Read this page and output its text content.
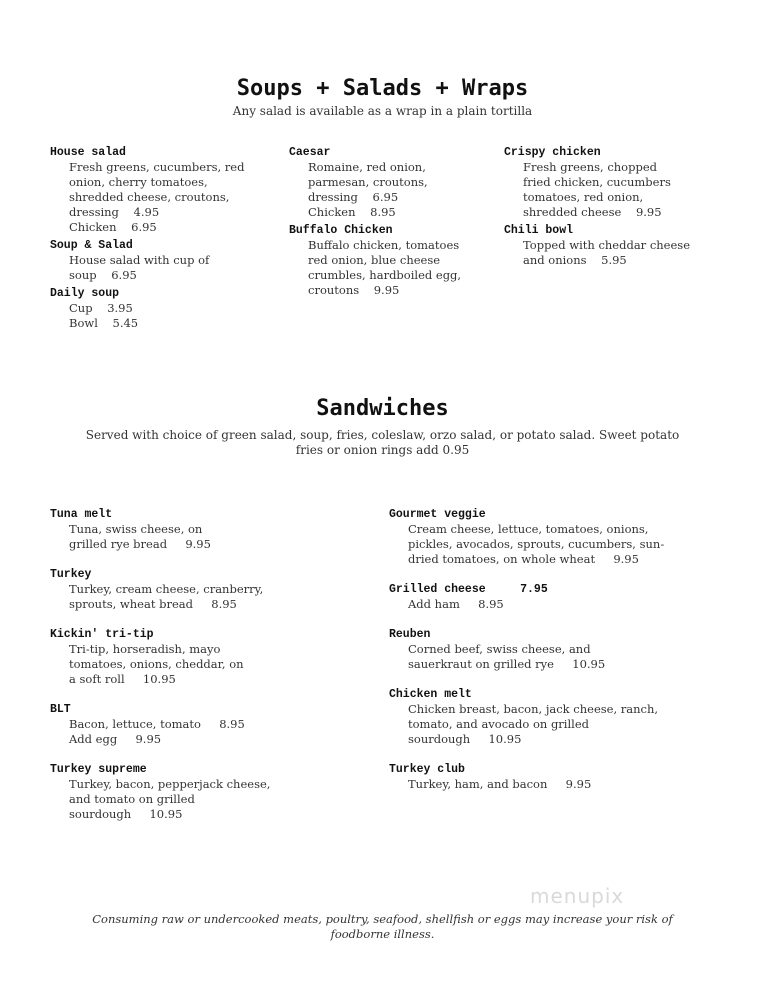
Soups + Salads + Wraps
Any salad is available as a wrap in a plain tortilla
House salad
Fresh greens, cucumbers, red
onion, cherry tomatoes,
shredded cheese, croutons,
dressing    4.95
Chicken    6.95
Soup & Salad
House salad with cup of
soup    6.95
Daily soup
Cup    3.95
Bowl    5.45
Caesar
Romaine, red onion,
parmesan, croutons,
dressing    6.95
Chicken    8.95
Buffalo Chicken
Buffalo chicken, tomatoes
red onion, blue cheese
crumbles, hardboiled egg,
croutons    9.95
Crispy chicken
Fresh greens, chopped
fried chicken, cucumbers
tomatoes, red onion,
shredded cheese    9.95
Chili bowl
Topped with cheddar cheese
and onions    5.95
Sandwiches
Served with choice of green salad, soup, fries, coleslaw, orzo salad, or potato salad. Sweet potato
fries or onion rings add 0.95
Tuna melt
Tuna, swiss cheese, on
grilled rye bread     9.95
Turkey
Turkey, cream cheese, cranberry,
sprouts, wheat bread     8.95
Kickin' tri-tip
Tri-tip, horseradish, mayo
tomatoes, onions, cheddar, on
a soft roll     10.95
BLT
Bacon, lettuce, tomato     8.95
Add egg     9.95
Turkey supreme
Turkey, bacon, pepperjack cheese,
and tomato on grilled
sourdough     10.95
Gourmet veggie
Cream cheese, lettuce, tomatoes, onions,
pickles, avocados, sprouts, cucumbers, sun-
dried tomatoes, on whole wheat     9.95
Grilled cheese     7.95
Add ham     8.95
Reuben
Corned beef, swiss cheese, and
sauerkraut on grilled rye     10.95
Chicken melt
Chicken breast, bacon, jack cheese, ranch,
tomato, and avocado on grilled
sourdough     10.95
Turkey club
Turkey, ham, and bacon     9.95
Consuming raw or undercooked meats, poultry, seafood, shellfish or eggs may increase your risk of
foodborne illness.
menupix
